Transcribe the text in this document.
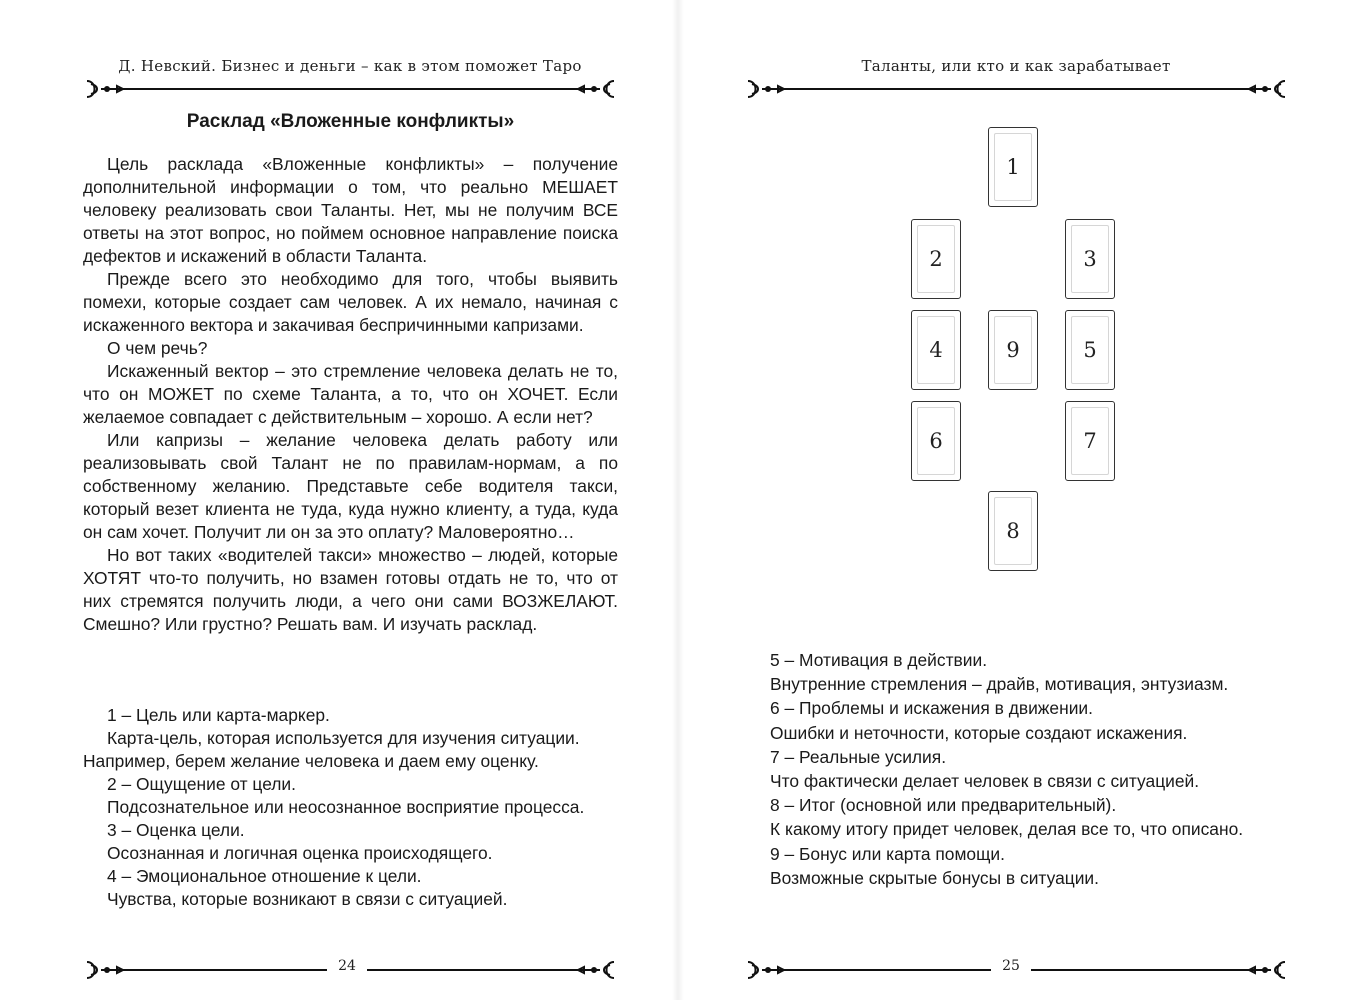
Д. Невский. Бизнес и деньги – как в этом поможет Таро
Расклад «Вложенные конфликты»

Цель расклада «Вложенные конфликты» – получение дополнительной информации о том, что реально МЕШАЕТ человеку реализовать свои Таланты. Нет, мы не получим ВСЕ ответы на этот вопрос, но поймем основное направление поиска дефектов и искажений в области Таланта.

Прежде всего это необходимо для того, чтобы выявить помехи, которые создает сам человек. А их немало, начиная с искаженного вектора и закачивая беспричинными капризами.

О чем речь?

Искаженный вектор – это стремление человека делать не то, что он МОЖЕТ по схеме Таланта, а то, что он ХОЧЕТ. Если желаемое совпадает с действительным – хорошо. А если нет?

Или капризы – желание человека делать работу или реализовывать свой Талант не по правилам-нормам, а по собственному желанию. Представьте себе водителя такси, который везет клиента не туда, куда нужно клиенту, а туда, куда он сам хочет. Получит ли он за это оплату? Маловероятно…

Но вот таких «водителей такси» множество – людей, которые ХОТЯТ что-то получить, но взамен готовы отдать не то, что от них стремятся получить люди, а чего они сами ВОЗЖЕЛАЮТ. Смешно? Или грустно? Решать вам. И изучать расклад.

1 – Цель или карта-маркер.

Карта-цель, которая используется для изучения ситуации.

Например, берем желание человека и даем ему оценку.

2 – Ощущение от цели.

Подсознательное или неосознанное восприятие процесса.

3 – Оценка цели.

Осознанная и логичная оценка происходящего.

4 – Эмоциональное отношение к цели.

Чувства, которые возникают в связи с ситуацией.

24
Таланты, или кто и как зарабатывает
1
2	3
4	9	5
6	7
8

5 – Мотивация в действии.

Внутренние стремления – драйв, мотивация, энтузиазм.

6 – Проблемы и искажения в движении.

Ошибки и неточности, которые создают искажения.

7 – Реальные усилия.

Что фактически делает человек в связи с ситуацией.

8 – Итог (основной или предварительный).

К какому итогу придет человек, делая все то, что описано.

9 – Бонус или карта помощи.

Возможные скрытые бонусы в ситуации.

25
